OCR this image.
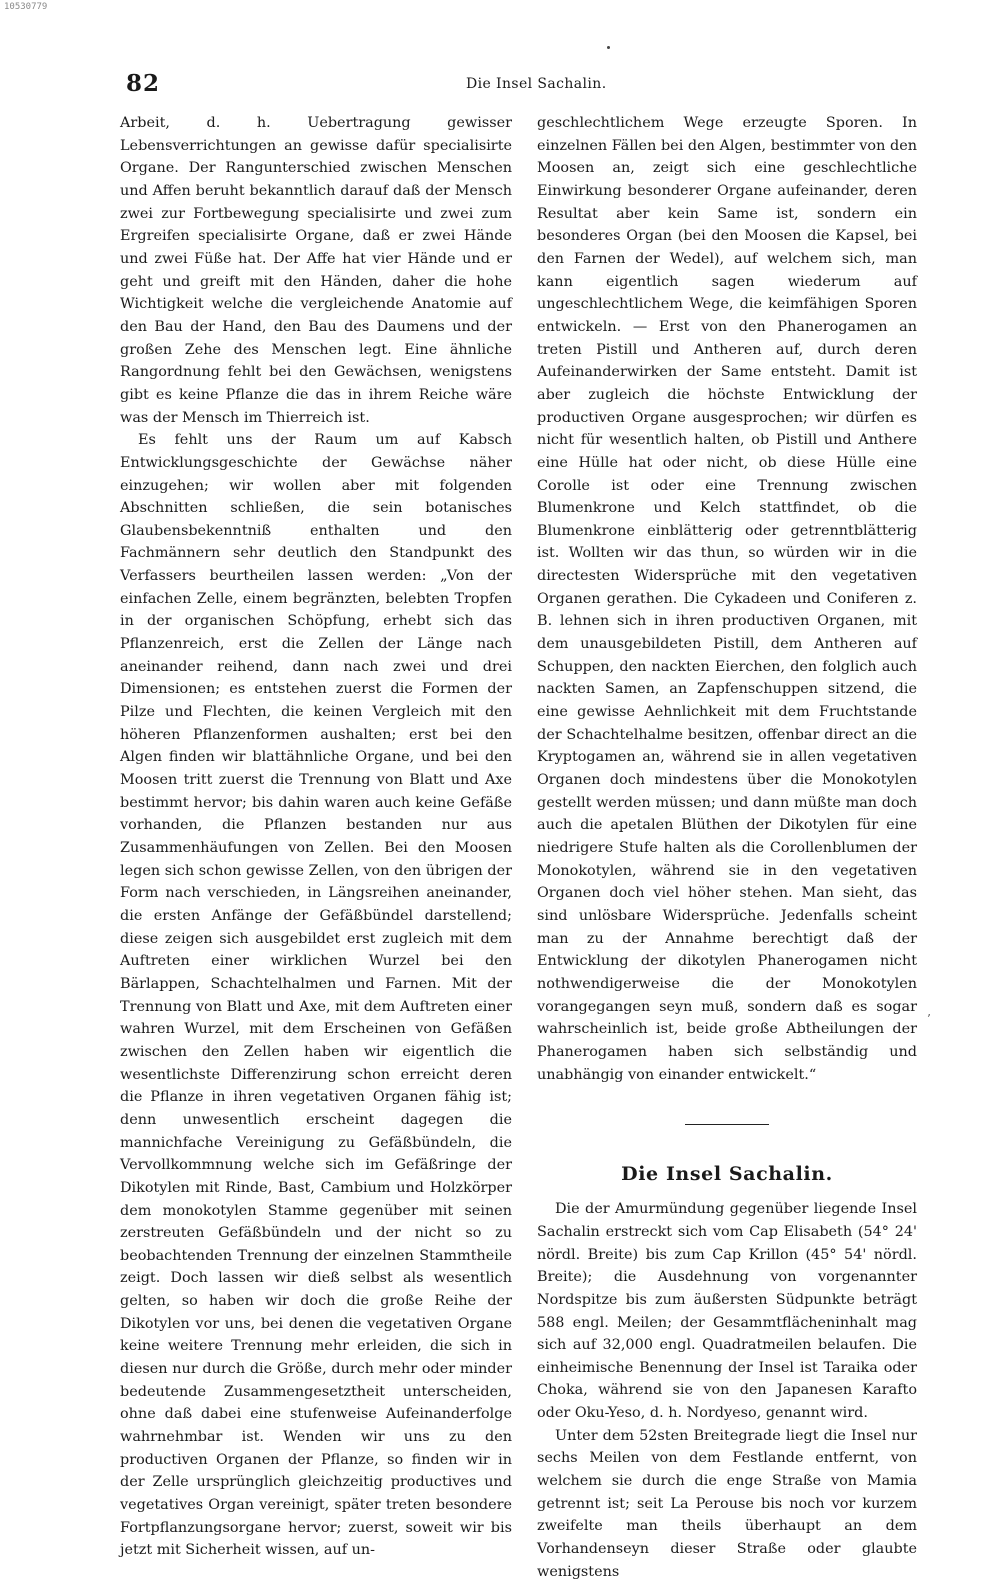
10530779
82	Die Insel Sachalin.

Arbeit, d. h. Uebertragung gewisser Lebensverrichtungen an gewisse dafür specialisirte Organe. Der Rangunterschied zwischen Menschen und Affen beruht bekanntlich darauf daß der Mensch zwei zur Fortbewegung specialisirte und zwei zum Ergreifen specialisirte Organe, daß er zwei Hände und zwei Füße hat. Der Affe hat vier Hände und er geht und greift mit den Händen, daher die hohe Wichtigkeit welche die vergleichende Anatomie auf den Bau der Hand, den Bau des Daumens und der großen Zehe des Menschen legt. Eine ähnliche Rangordnung fehlt bei den Gewächsen, wenigstens gibt es keine Pflanze die das in ihrem Reiche wäre was der Mensch im Thierreich ist.

Es fehlt uns der Raum um auf Kabsch Entwicklungsgeschichte der Gewächse näher einzugehen; wir wollen aber mit folgenden Abschnitten schließen, die sein botanisches Glaubensbekenntniß enthalten und den Fachmännern sehr deutlich den Standpunkt des Verfassers beurtheilen lassen werden: „Von der einfachen Zelle, einem begränzten, belebten Tropfen in der organischen Schöpfung, erhebt sich das Pflanzenreich, erst die Zellen der Länge nach aneinander reihend, dann nach zwei und drei Dimensionen; es entstehen zuerst die Formen der Pilze und Flechten, die keinen Vergleich mit den höheren Pflanzenformen aushalten; erst bei den Algen finden wir blattähnliche Organe, und bei den Moosen tritt zuerst die Trennung von Blatt und Axe bestimmt hervor; bis dahin waren auch keine Gefäße vorhanden, die Pflanzen bestanden nur aus Zusammenhäufungen von Zellen. Bei den Moosen legen sich schon gewisse Zellen, von den übrigen der Form nach verschieden, in Längsreihen aneinander, die ersten Anfänge der Gefäßbündel darstellend; diese zeigen sich ausgebildet erst zugleich mit dem Auftreten einer wirklichen Wurzel bei den Bärlappen, Schachtelhalmen und Farnen. Mit der Trennung von Blatt und Axe, mit dem Auftreten einer wahren Wurzel, mit dem Erscheinen von Gefäßen zwischen den Zellen haben wir eigentlich die wesentlichste Differenzirung schon erreicht deren die Pflanze in ihren vegetativen Organen fähig ist; denn unwesentlich erscheint dagegen die mannichfache Vereinigung zu Gefäßbündeln, die Vervollkommnung welche sich im Gefäßringe der Dikotylen mit Rinde, Bast, Cambium und Holzkörper dem monokotylen Stamme gegenüber mit seinen zerstreuten Gefäßbündeln und der nicht so zu beobachtenden Trennung der einzelnen Stammtheile zeigt. Doch lassen wir dieß selbst als wesentlich gelten, so haben wir doch die große Reihe der Dikotylen vor uns, bei denen die vegetativen Organe keine weitere Trennung mehr erleiden, die sich in diesen nur durch die Größe, durch mehr oder minder bedeutende Zusammengesetztheit unterscheiden, ohne daß dabei eine stufenweise Aufeinanderfolge wahrnehmbar ist. Wenden wir uns zu den productiven Organen der Pflanze, so finden wir in der Zelle ursprünglich gleichzeitig productives und vegetatives Organ vereinigt, später treten besondere Fortpflanzungsorgane hervor; zuerst, soweit wir bis jetzt mit Sicherheit wissen, auf un-

geschlechtlichem Wege erzeugte Sporen. In einzelnen Fällen bei den Algen, bestimmter von den Moosen an, zeigt sich eine geschlechtliche Einwirkung besonderer Organe aufeinander, deren Resultat aber kein Same ist, sondern ein besonderes Organ (bei den Moosen die Kapsel, bei den Farnen der Wedel), auf welchem sich, man kann eigentlich sagen wiederum auf ungeschlechtlichem Wege, die keimfähigen Sporen entwickeln. — Erst von den Phanerogamen an treten Pistill und Antheren auf, durch deren Aufeinanderwirken der Same entsteht. Damit ist aber zugleich die höchste Entwicklung der productiven Organe ausgesprochen; wir dürfen es nicht für wesentlich halten, ob Pistill und Anthere eine Hülle hat oder nicht, ob diese Hülle eine Corolle ist oder eine Trennung zwischen Blumenkrone und Kelch stattfindet, ob die Blumenkrone einblätterig oder getrenntblätterig ist. Wollten wir das thun, so würden wir in die directesten Widersprüche mit den vegetativen Organen gerathen. Die Cykadeen und Coniferen z. B. lehnen sich in ihren productiven Organen, mit dem unausgebildeten Pistill, dem Antheren auf Schuppen, den nackten Eierchen, den folglich auch nackten Samen, an Zapfenschuppen sitzend, die eine gewisse Aehnlichkeit mit dem Fruchtstande der Schachtelhalme besitzen, offenbar direct an die Kryptogamen an, während sie in allen vegetativen Organen doch mindestens über die Monokotylen gestellt werden müssen; und dann müßte man doch auch die apetalen Blüthen der Dikotylen für eine niedrigere Stufe halten als die Corollenblumen der Monokotylen, während sie in den vegetativen Organen doch viel höher stehen. Man sieht, das sind unlösbare Widersprüche. Jedenfalls scheint man zu der Annahme berechtigt daß der Entwicklung der dikotylen Phanerogamen nicht nothwendigerweise die der Monokotylen vorangegangen seyn muß, sondern daß es sogar wahrscheinlich ist, beide große Abtheilungen der Phanerogamen haben sich selbständig und unabhängig von einander entwickelt.“

Die Insel Sachalin.

Die der Amurmündung gegenüber liegende Insel Sachalin erstreckt sich vom Cap Elisabeth (54° 24' nördl. Breite) bis zum Cap Krillon (45° 54' nördl. Breite); die Ausdehnung von vorgenannter Nordspitze bis zum äußersten Südpunkte beträgt 588 engl. Meilen; der Gesammtflächeninhalt mag sich auf 32,000 engl. Quadratmeilen belaufen. Die einheimische Benennung der Insel ist Taraika oder Choka, während sie von den Japanesen Karafto oder Oku-Yeso, d. h. Nordyeso, genannt wird.

Unter dem 52sten Breitegrade liegt die Insel nur sechs Meilen von dem Festlande entfernt, von welchem sie durch die enge Straße von Mamia getrennt ist; seit La Perouse bis noch vor kurzem zweifelte man theils überhaupt an dem Vorhandenseyn dieser Straße oder glaubte wenigstens

’
